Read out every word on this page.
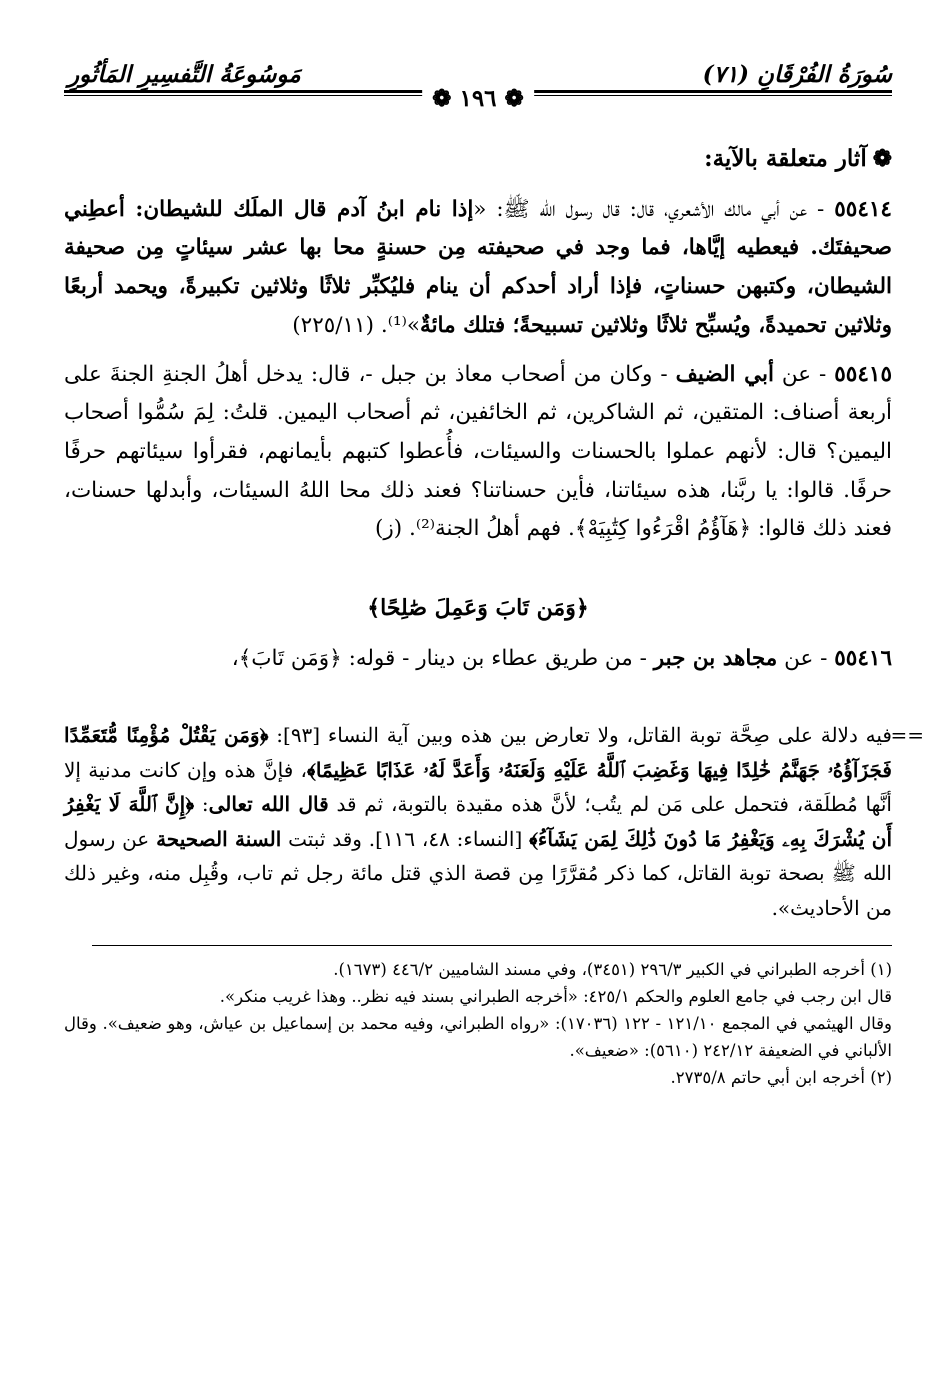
سُورَةُ الفُرْقَانِ (٧١)
مَوسُوعَةُ التَّفسِيرِ المَأثُورِ
❁ ١٩٦ ❁

❁آثار متعلقة بالآية:

٥٥٤١٤ - عن أبي مالك الأشعري، قال: قال رسول الله ﷺ: «إذا نام ابنُ آدم قال الملَك للشيطان: أعطِني صحيفتَك. فيعطيه إيَّاها، فما وجد في صحيفته مِن حسنةٍ محا بها عشر سيئاتٍ مِن صحيفة الشيطان، وكتبهن حسناتٍ، فإذا أراد أحدكم أن ينام فليُكبِّر ثلاثًا وثلاثين تكبيرةً، ويحمد أربعًا وثلاثين تحميدةً، ويُسبِّح ثلاثًا وثلاثين تسبيحةً؛ فتلك مائةٌ»⁽¹⁾. (٢٢٥/١١)

٥٥٤١٥ - عن أبي الضيف - وكان من أصحاب معاذ بن جبل -، قال: يدخل أهلُ الجنةِ الجنةَ على أربعة أصناف: المتقين، ثم الشاكرين، ثم الخائفين، ثم أصحاب اليمين. قلتُ: لِمَ سُمُّوا أصحاب اليمين؟ قال: لأنهم عملوا بالحسنات والسيئات، فأُعطوا كتبهم بأيمانهم، فقرأوا سيئاتهم حرفًا حرفًا. قالوا: يا ربَّنا، هذه سيئاتنا، فأين حسناتنا؟ فعند ذلك محا اللهُ السيئات، وأبدلها حسنات، فعند ذلك قالوا: ﴿هَآؤُمُ اقْرَءُوا كِتَٰبِيَهْ﴾. فهم أهلُ الجنة⁽²⁾. (ز)

﴿وَمَن تَابَ وَعَمِلَ صَٰلِحًا﴾

٥٥٤١٦ - عن مجاهد بن جبر - من طريق عطاء بن دينار - قوله: ﴿وَمَن تَابَ﴾،

==

فيه دلالة على صِحَّة توبة القاتل، ولا تعارض بين هذه وبين آية النساء [٩٣]: ﴿وَمَن يَقْتُلْ مُؤْمِنًا مُّتَعَمِّدًا فَجَزَآؤُهُۥ جَهَنَّمُ خَٰلِدًا فِيهَا وَغَضِبَ ٱللَّهُ عَلَيْهِ وَلَعَنَهُۥ وَأَعَدَّ لَهُۥ عَذَابًا عَظِيمًا﴾، فإنَّ هذه وإن كانت مدنية إلا أنَّها مُطلَقة، فتحمل على مَن لم يتُب؛ لأنَّ هذه مقيدة بالتوبة، ثم قد قال الله تعالى: ﴿إِنَّ ٱللَّهَ لَا يَغْفِرُ أَن يُشْرَكَ بِهِۦ وَيَغْفِرُ مَا دُونَ ذَٰلِكَ لِمَن يَشَآءُ﴾ [النساء: ٤٨، ١١٦]. وقد ثبتت السنة الصحيحة عن رسول الله ﷺ بصحة توبة القاتل، كما ذكر مُقرَّرًا مِن قصة الذي قتل مائة رجل ثم تاب، وقُبِل منه، وغير ذلك من الأحاديث».

(١) أخرجه الطبراني في الكبير ٢٩٦/٣ (٣٤٥١)، وفي مسند الشاميين ٤٤٦/٢ (١٦٧٣).

قال ابن رجب في جامع العلوم والحكم ٤٢٥/١: «أخرجه الطبراني بسند فيه نظر.. وهذا غريب منكر».

وقال الهيثمي في المجمع ١٢١/١٠ - ١٢٢ (١٧٠٣٦): «رواه الطبراني، وفيه محمد بن إسماعيل بن عياش، وهو ضعيف». وقال الألباني في الضعيفة ٢٤٢/١٢ (٥٦١٠): «ضعيف».

(٢) أخرجه ابن أبي حاتم ٢٧٣٥/٨.
